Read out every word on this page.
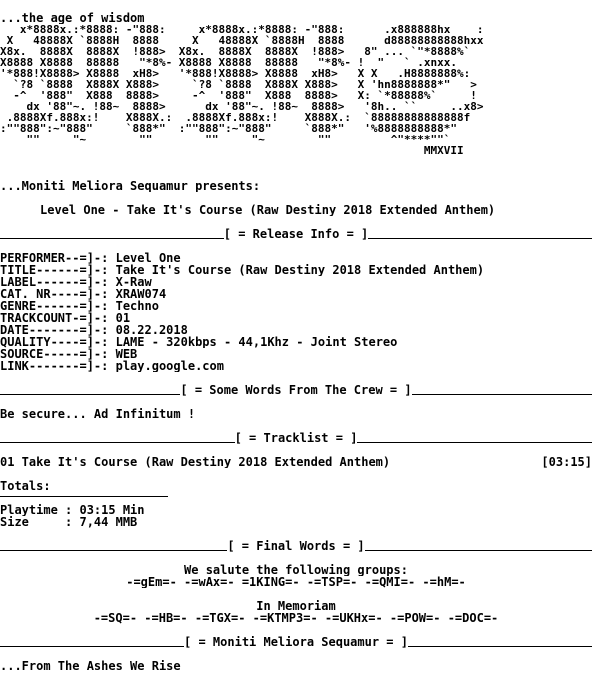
...the age of wisdom
x*8888x.:*8888: -"888:     x*8888x.:*8888: -"888:      .x888888hx    :
X   48888X `8888H  8888     X   48888X `8888H  8888      d88888888888hxx
X8x.  8888X  8888X  !888>  X8x.  8888X  8888X  !888>   8" ... `"*8888%`
X8888 X8888  88888   "*8%- X8888 X8888  88888   "*8%- !  "   ` .xnxx.
'*888!X8888> X8888  xH8>   '*888!X8888> X8888  xH8>   X X   .H8888888%:
`?8 `8888  X888X X888>     `?8 `8888  X888X X888>   X 'hn8888888*"   >
-^  '888"  X888  8888>     -^  '888"  X888  8888>   X: `*88888%`     !
dx '88"~. !88~  8888>      dx '88"~. !88~  8888>   '8h.. ``     ..x8>
.8888Xf.888x:!    X888X.:  .8888Xf.888x:!    X888X.:  `88888888888888f
:""888":~"888"     `888*"  :""888":~"888"     `888*"   '%8888888888*"
""     "~        ""        ""     "~        ""         ^"****""`
MMXVII
...Moniti Meliora Sequamur presents:
Level One - Take It's Course (Raw Destiny 2018 Extended Anthem)
[ = Release Info = ]
PERFORMER--=]-: Level One
TITLE------=]-: Take It's Course (Raw Destiny 2018 Extended Anthem)
LABEL------=]-: X-Raw
CAT. NR----=]-: XRAW074
GENRE------=]-: Techno
TRACKCOUNT-=]-: 01
DATE-------=]-: 08.22.2018
QUALITY----=]-: LAME - 320kbps - 44,1Khz - Joint Stereo
SOURCE-----=]-: WEB
LINK-------=]-: play.google.com
[ = Some Words From The Crew = ]
Be secure... Ad Infinitum !
[ = Tracklist = ]
01 Take It's Course (Raw Destiny 2018 Extended Anthem)	[03:15]
Totals:
Playtime : 03:15 Min
Size     : 7,44 MMB
[ = Final Words = ]
We salute the following groups:
-=gEm=- -=wAx=- =1KING=- -=TSP=- -=QMI=- -=hM=-
In Memoriam
-=SQ=- -=HB=- -=TGX=- -=KTMP3=- -=UKHx=- -=POW=- -=DOC=-
[ = Moniti Meliora Sequamur = ]
...From The Ashes We Rise
